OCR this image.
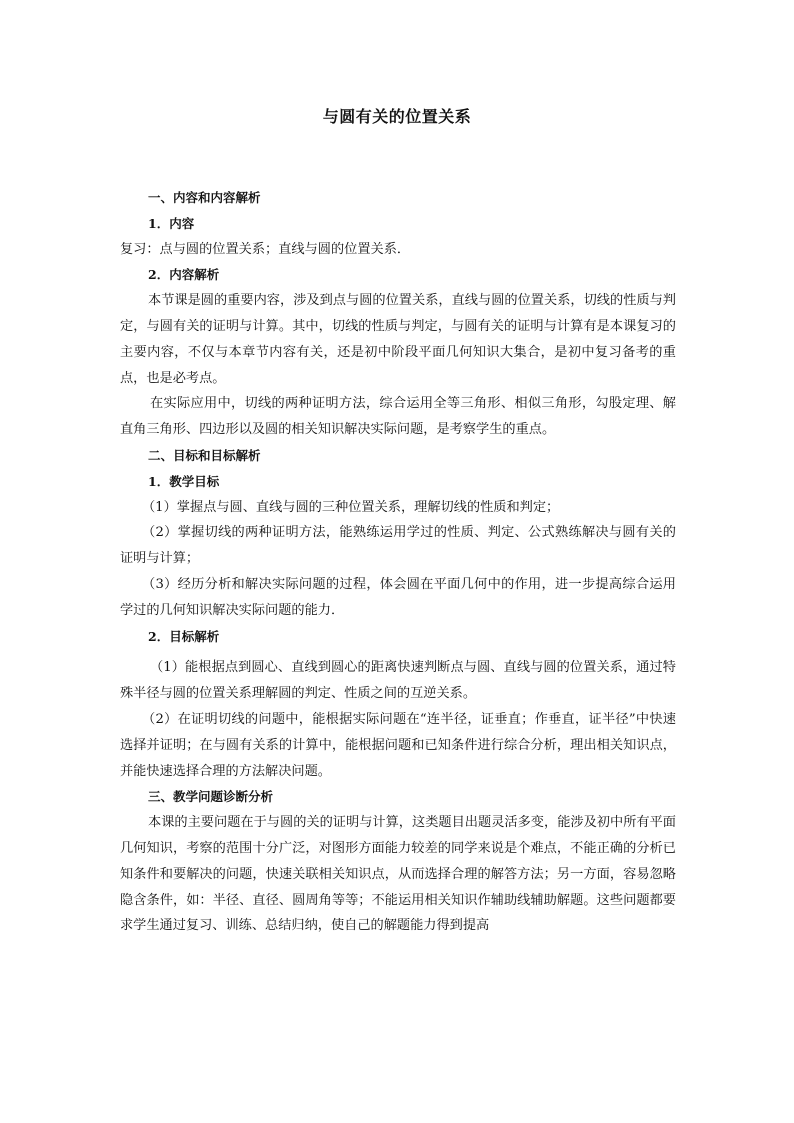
与圆有关的位置关系

一、内容和内容解析

1．内容

复习：点与圆的位置关系；直线与圆的位置关系．

2．内容解析

本节课是圆的重要内容，涉及到点与圆的位置关系，直线与圆的位置关系，切线的性质与判定，与圆有关的证明与计算。其中，切线的性质与判定，与圆有关的证明与计算有是本课复习的主要内容，不仅与本章节内容有关，还是初中阶段平面几何知识大集合，是初中复习备考的重点，也是必考点。

在实际应用中，切线的两种证明方法，综合运用全等三角形、相似三角形，勾股定理、解直角三角形、四边形以及圆的相关知识解决实际问题，是考察学生的重点。

二、目标和目标解析

1．教学目标

（1）掌握点与圆、直线与圆的三种位置关系，理解切线的性质和判定；

（2）掌握切线的两种证明方法，能熟练运用学过的性质、判定、公式熟练解决与圆有关的证明与计算；

（3）经历分析和解决实际问题的过程，体会圆在平面几何中的作用，进一步提高综合运用学过的几何知识解决实际问题的能力．

2．目标解析

（1）能根据点到圆心、直线到圆心的距离快速判断点与圆、直线与圆的位置关系，通过特殊半径与圆的位置关系理解圆的判定、性质之间的互逆关系。

（2）在证明切线的问题中，能根据实际问题在“连半径，证垂直；作垂直，证半径”中快速选择并证明；在与圆有关系的计算中，能根据问题和已知条件进行综合分析，理出相关知识点，并能快速选择合理的方法解决问题。

三、教学问题诊断分析

本课的主要问题在于与圆的关的证明与计算，这类题目出题灵活多变，能涉及初中所有平面几何知识，考察的范围十分广泛，对图形方面能力较差的同学来说是个难点，不能正确的分析已知条件和要解决的问题，快速关联相关知识点，从而选择合理的解答方法；另一方面，容易忽略隐含条件，如：半径、直径、圆周角等等；不能运用相关知识作辅助线辅助解题。这些问题都要求学生通过复习、训练、总结归纳，使自己的解题能力得到提高
